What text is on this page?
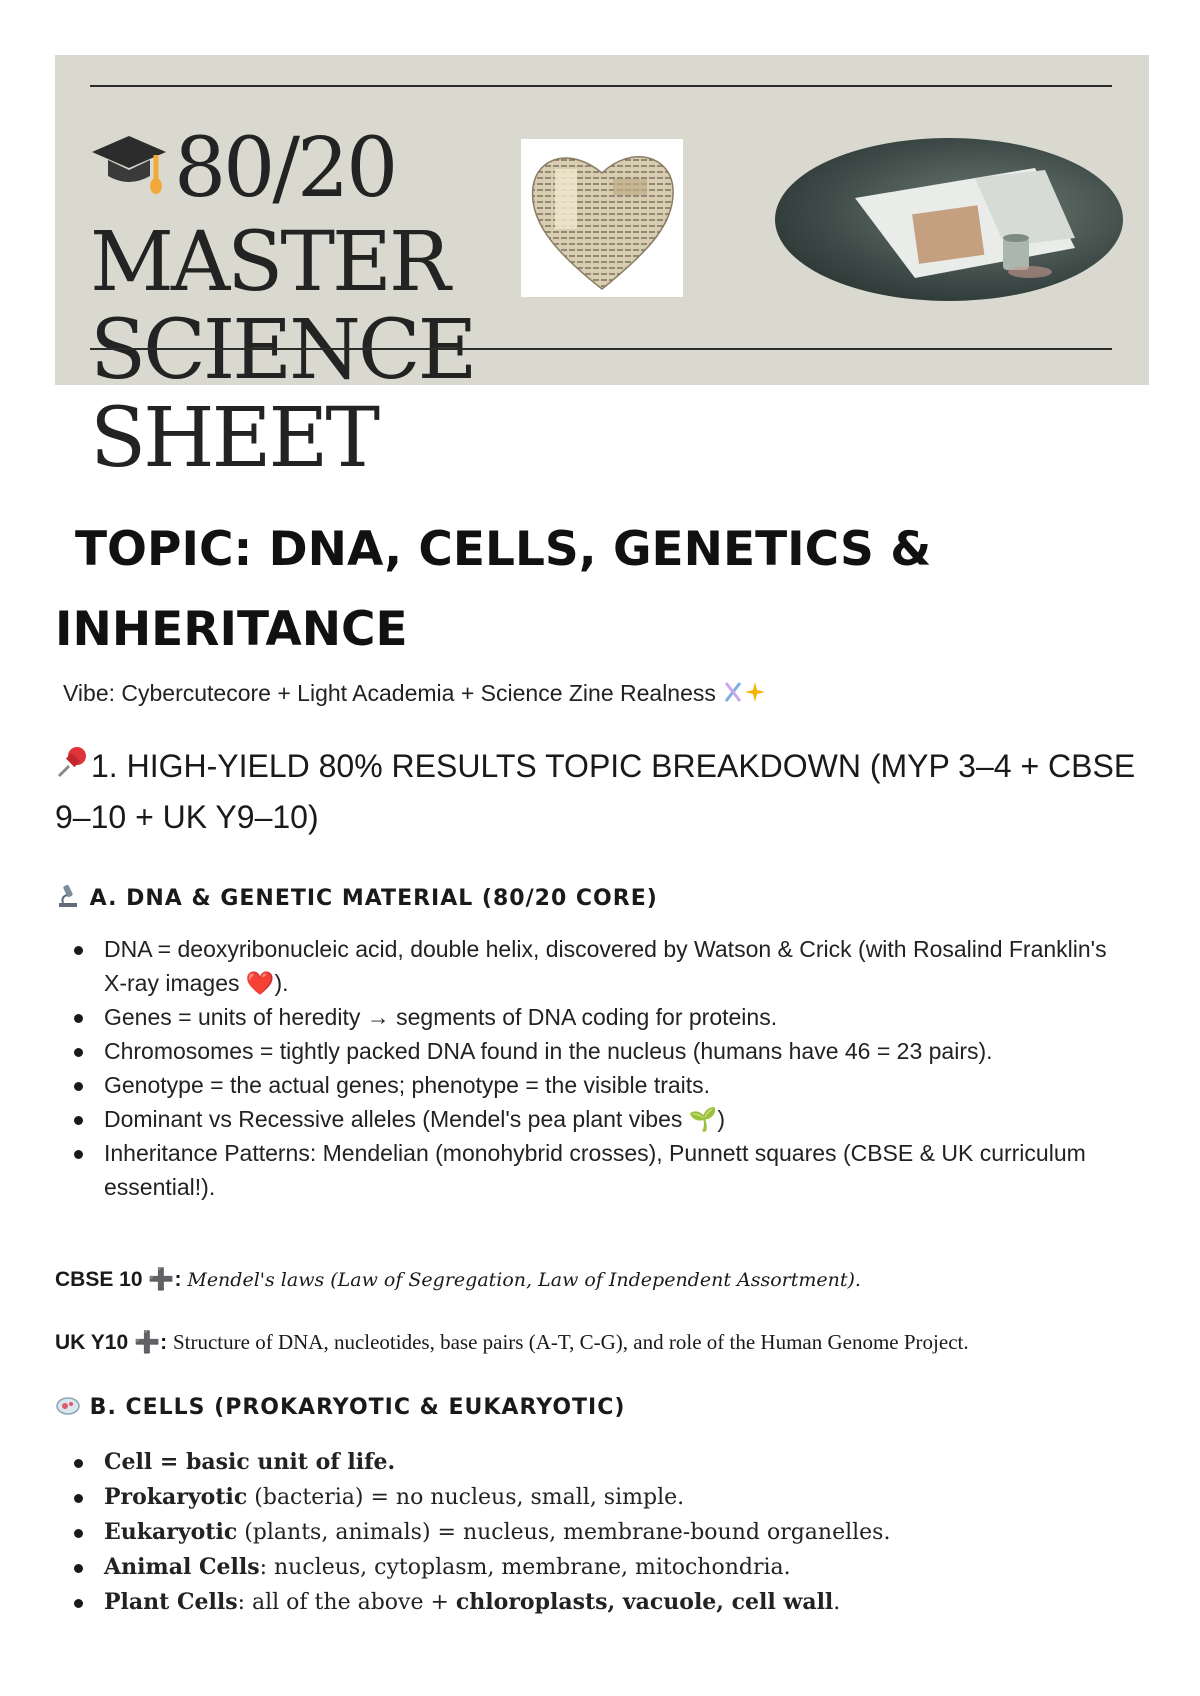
80/20 MASTER
SCIENCE SHEET
TOPIC: DNA, CELLS, GENETICS &
INHERITANCE
Vibe: Cybercutecore + Light Academia + Science Zine Realness
1. HIGH-YIELD 80% RESULTS TOPIC BREAKDOWN (MYP 3–4 + CBSE 9–10 + UK Y9–10)
A. DNA & GENETIC MATERIAL (80/20 CORE)
DNA = deoxyribonucleic acid, double helix, discovered by Watson & Crick (with Rosalind Franklin's X-ray images ❤️).
Genes = units of heredity → segments of DNA coding for proteins.
Chromosomes = tightly packed DNA found in the nucleus (humans have 46 = 23 pairs).
Genotype = the actual genes; phenotype = the visible traits.
Dominant vs Recessive alleles (Mendel's pea plant vibes 🌱)
Inheritance Patterns: Mendelian (monohybrid crosses), Punnett squares (CBSE & UK curriculum essential!).
CBSE 10 ➕: Mendel's laws (Law of Segregation, Law of Independent Assortment).
UK Y10 ➕: Structure of DNA, nucleotides, base pairs (A-T, C-G), and role of the Human Genome Project.
B. CELLS (PROKARYOTIC & EUKARYOTIC)
Cell = basic unit of life.
Prokaryotic (bacteria) = no nucleus, small, simple.
Eukaryotic (plants, animals) = nucleus, membrane-bound organelles.
Animal Cells: nucleus, cytoplasm, membrane, mitochondria.
Plant Cells: all of the above + chloroplasts, vacuole, cell wall.
